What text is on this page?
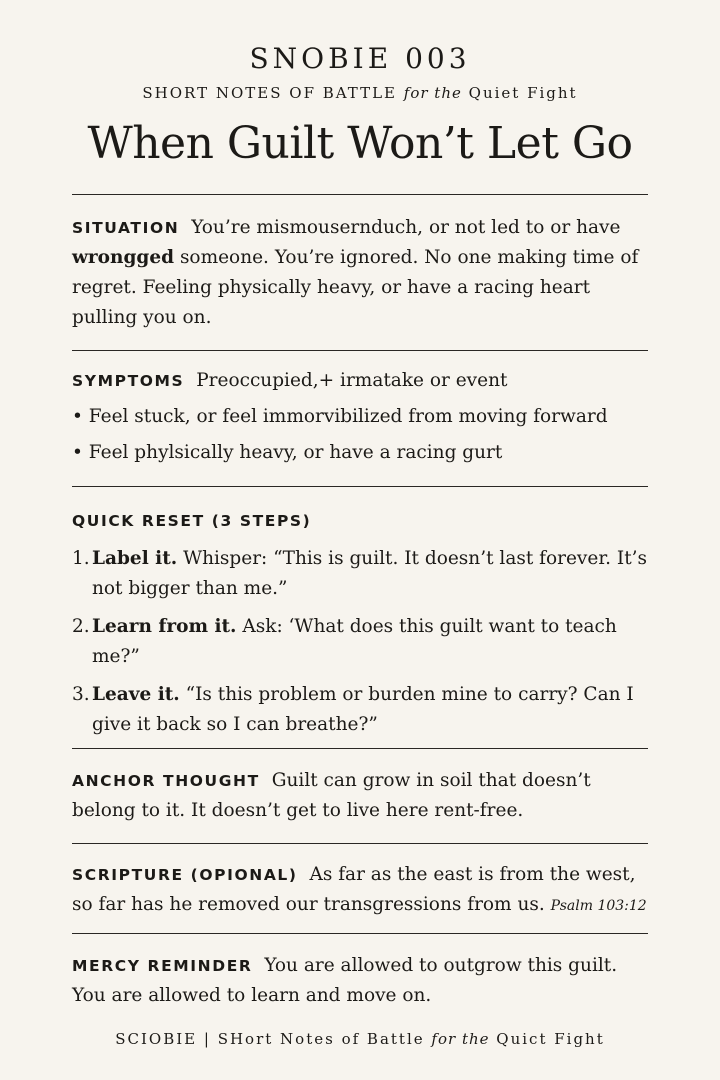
SNOBIE 003
SHORT NOTES OF BATTLE for the Quiet Fight
When Guilt Won’t Let Go
SITUATION You’re mismousernduch, or not led to or have wrongged someone. You’re ignored. No one making time of regret. Feeling physically heavy, or have a racing heart pulling you on.
SYMPTOMS Preoccupied,+ irmatake or event
• Feel stuck, or feel immorvibilized from moving forward
• Feel phylsically heavy, or have a racing gurt
QUICK RESET (3 STEPS)
1. Label it. Whisper: “This is guilt. It doesn’t last forever. It’s not bigger than me.”
2. Learn from it. Ask: ‘What does this guilt want to teach me?”
3. Leave it. “Is this problem or burden mine to carry? Can I give it back so I can breathe?”
ANCHOR THOUGHT Guilt can grow in soil that doesn’t belong to it. It doesn’t get to live here rent-free.
SCRIPTURE (OPIONAL) As far as the east is from the west, so far has he removed our transgressions from us. Psalm 103:12
MERCY REMINDER You are allowed to outgrow this guilt. You are allowed to learn and move on.
SCIOBIE | SHort Notes of Battle for the Quict Fight
